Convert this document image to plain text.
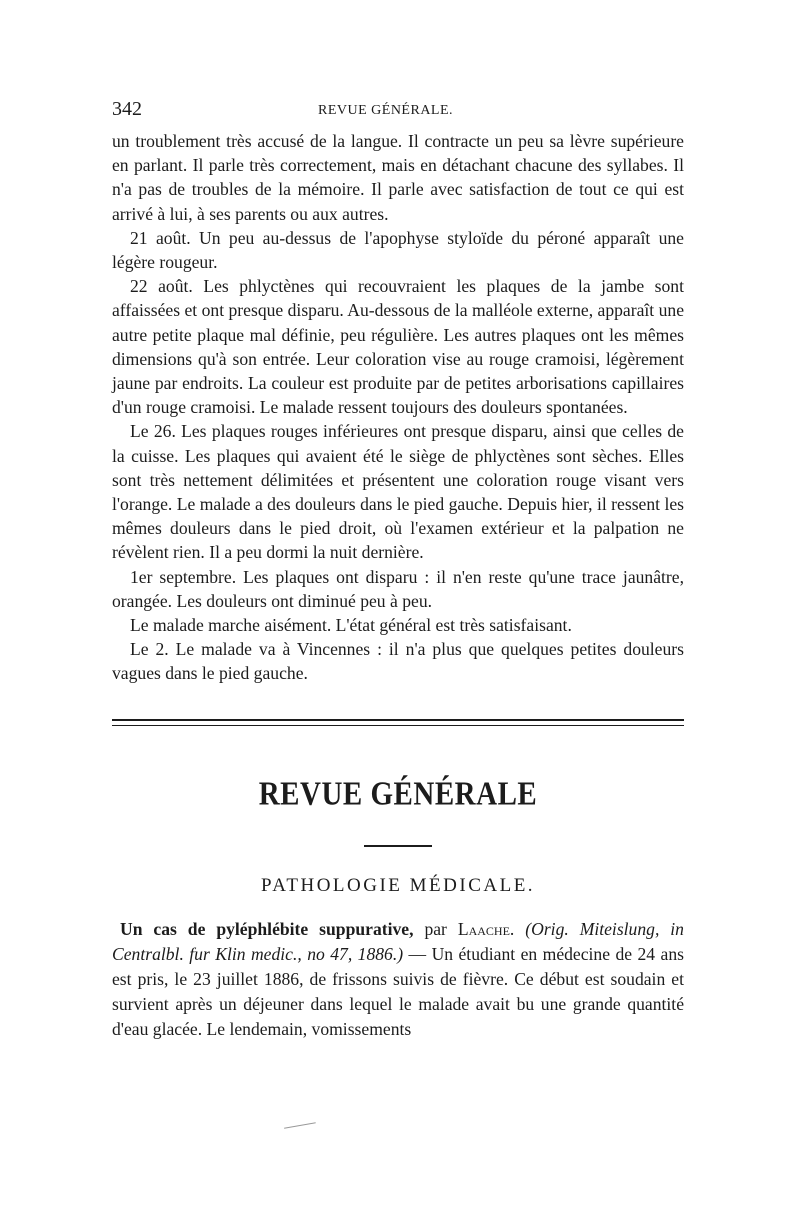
342	REVUE GÉNÉRALE.

un troublement très accusé de la langue. Il contracte un peu sa lèvre supérieure en parlant. Il parle très correctement, mais en détachant chacune des syllabes. Il n'a pas de troubles de la mémoire. Il parle avec satisfaction de tout ce qui est arrivé à lui, à ses parents ou aux autres.

21 août. Un peu au-dessus de l'apophyse styloïde du péroné apparaît une légère rougeur.

22 août. Les phlyctènes qui recouvraient les plaques de la jambe sont affaissées et ont presque disparu. Au-dessous de la malléole externe, apparaît une autre petite plaque mal définie, peu régulière. Les autres plaques ont les mêmes dimensions qu'à son entrée. Leur coloration vise au rouge cramoisi, légèrement jaune par endroits. La couleur est produite par de petites arborisations capillaires d'un rouge cramoisi. Le malade ressent toujours des douleurs spontanées.

Le 26. Les plaques rouges inférieures ont presque disparu, ainsi que celles de la cuisse. Les plaques qui avaient été le siège de phlyctènes sont sèches. Elles sont très nettement délimitées et présentent une coloration rouge visant vers l'orange. Le malade a des douleurs dans le pied gauche. Depuis hier, il ressent les mêmes douleurs dans le pied droit, où l'examen extérieur et la palpation ne révèlent rien. Il a peu dormi la nuit dernière.

1er septembre. Les plaques ont disparu : il n'en reste qu'une trace jaunâtre, orangée. Les douleurs ont diminué peu à peu.

Le malade marche aisément. L'état général est très satisfaisant.

Le 2. Le malade va à Vincennes : il n'a plus que quelques petites douleurs vagues dans le pied gauche.

REVUE GÉNÉRALE
PATHOLOGIE MÉDICALE.

Un cas de pyléphlébite suppurative, par Laache. (Orig. Miteislung, in Centralbl. fur Klin medic., no 47, 1886.) — Un étudiant en médecine de 24 ans est pris, le 23 juillet 1886, de frissons suivis de fièvre. Ce début est soudain et survient après un déjeuner dans lequel le malade avait bu une grande quantité d'eau glacée. Le lendemain, vomissements
